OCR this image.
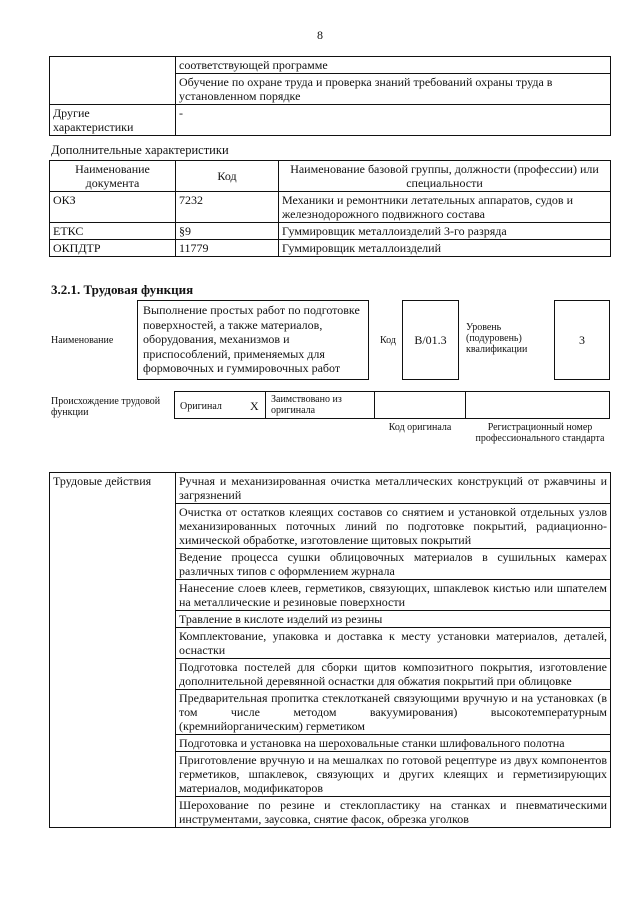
8
	соответствующей программе
	Обучение по охране труда и проверка знаний требований охраны труда в установленном порядке
Другие характеристики	-
Дополнительные характеристики
Наименование документа	Код	Наименование базовой группы, должности (профессии) или специальности
ОКЗ	7232	Механики и ремонтники летательных аппаратов, судов и железнодорожного подвижного состава
ЕТКС	§9	Гуммировщик металлоизделий 3-го разряда
ОКПДТР	11779	Гуммировщик металлоизделий
3.2.1. Трудовая функция
Наименование
Выполнение простых работ по подготовке поверхностей, а также материалов, оборудования, механизмов и приспособлений, применяемых для формовочных и гуммировочных работ
Код	B/01.3
Уровень (подуровень) квалификации
3
Происхождение трудовой функции
Оригинал X Заимствовано из оригинала
Код оригинала	Регистрационный номер профессионального стандарта
Трудовые действия	Ручная и механизированная очистка металлических конструкций от ржавчины и загрязнений
Очистка от остатков клеящих составов со снятием и установкой отдельных узлов механизированных поточных линий по подготовке покрытий, радиационно-химической обработке, изготовление щитовых покрытий
Ведение процесса сушки облицовочных материалов в сушильных камерах различных типов с оформлением журнала
Нанесение слоев клеев, герметиков, связующих, шпаклевок кистью или шпателем на металлические и резиновые поверхности
Травление в кислоте изделий из резины
Комплектование, упаковка и доставка к месту установки материалов, деталей, оснастки
Подготовка постелей для сборки щитов композитного покрытия, изготовление дополнительной деревянной оснастки для обжатия покрытий при облицовке
Предварительная пропитка стеклотканей связующими вручную и на установках (в том числе методом вакуумирования) высокотемпературным (кремнийорганическим) герметиком
Подготовка и установка на шероховальные станки шлифовального полотна
Приготовление вручную и на мешалках по готовой рецептуре из двух компонентов герметиков, шпаклевок, связующих и других клеящих и герметизирующих материалов, модификаторов
Шерохование по резине и стеклопластику на станках и пневматическими инструментами, заусовка, снятие фасок, обрезка уголков
